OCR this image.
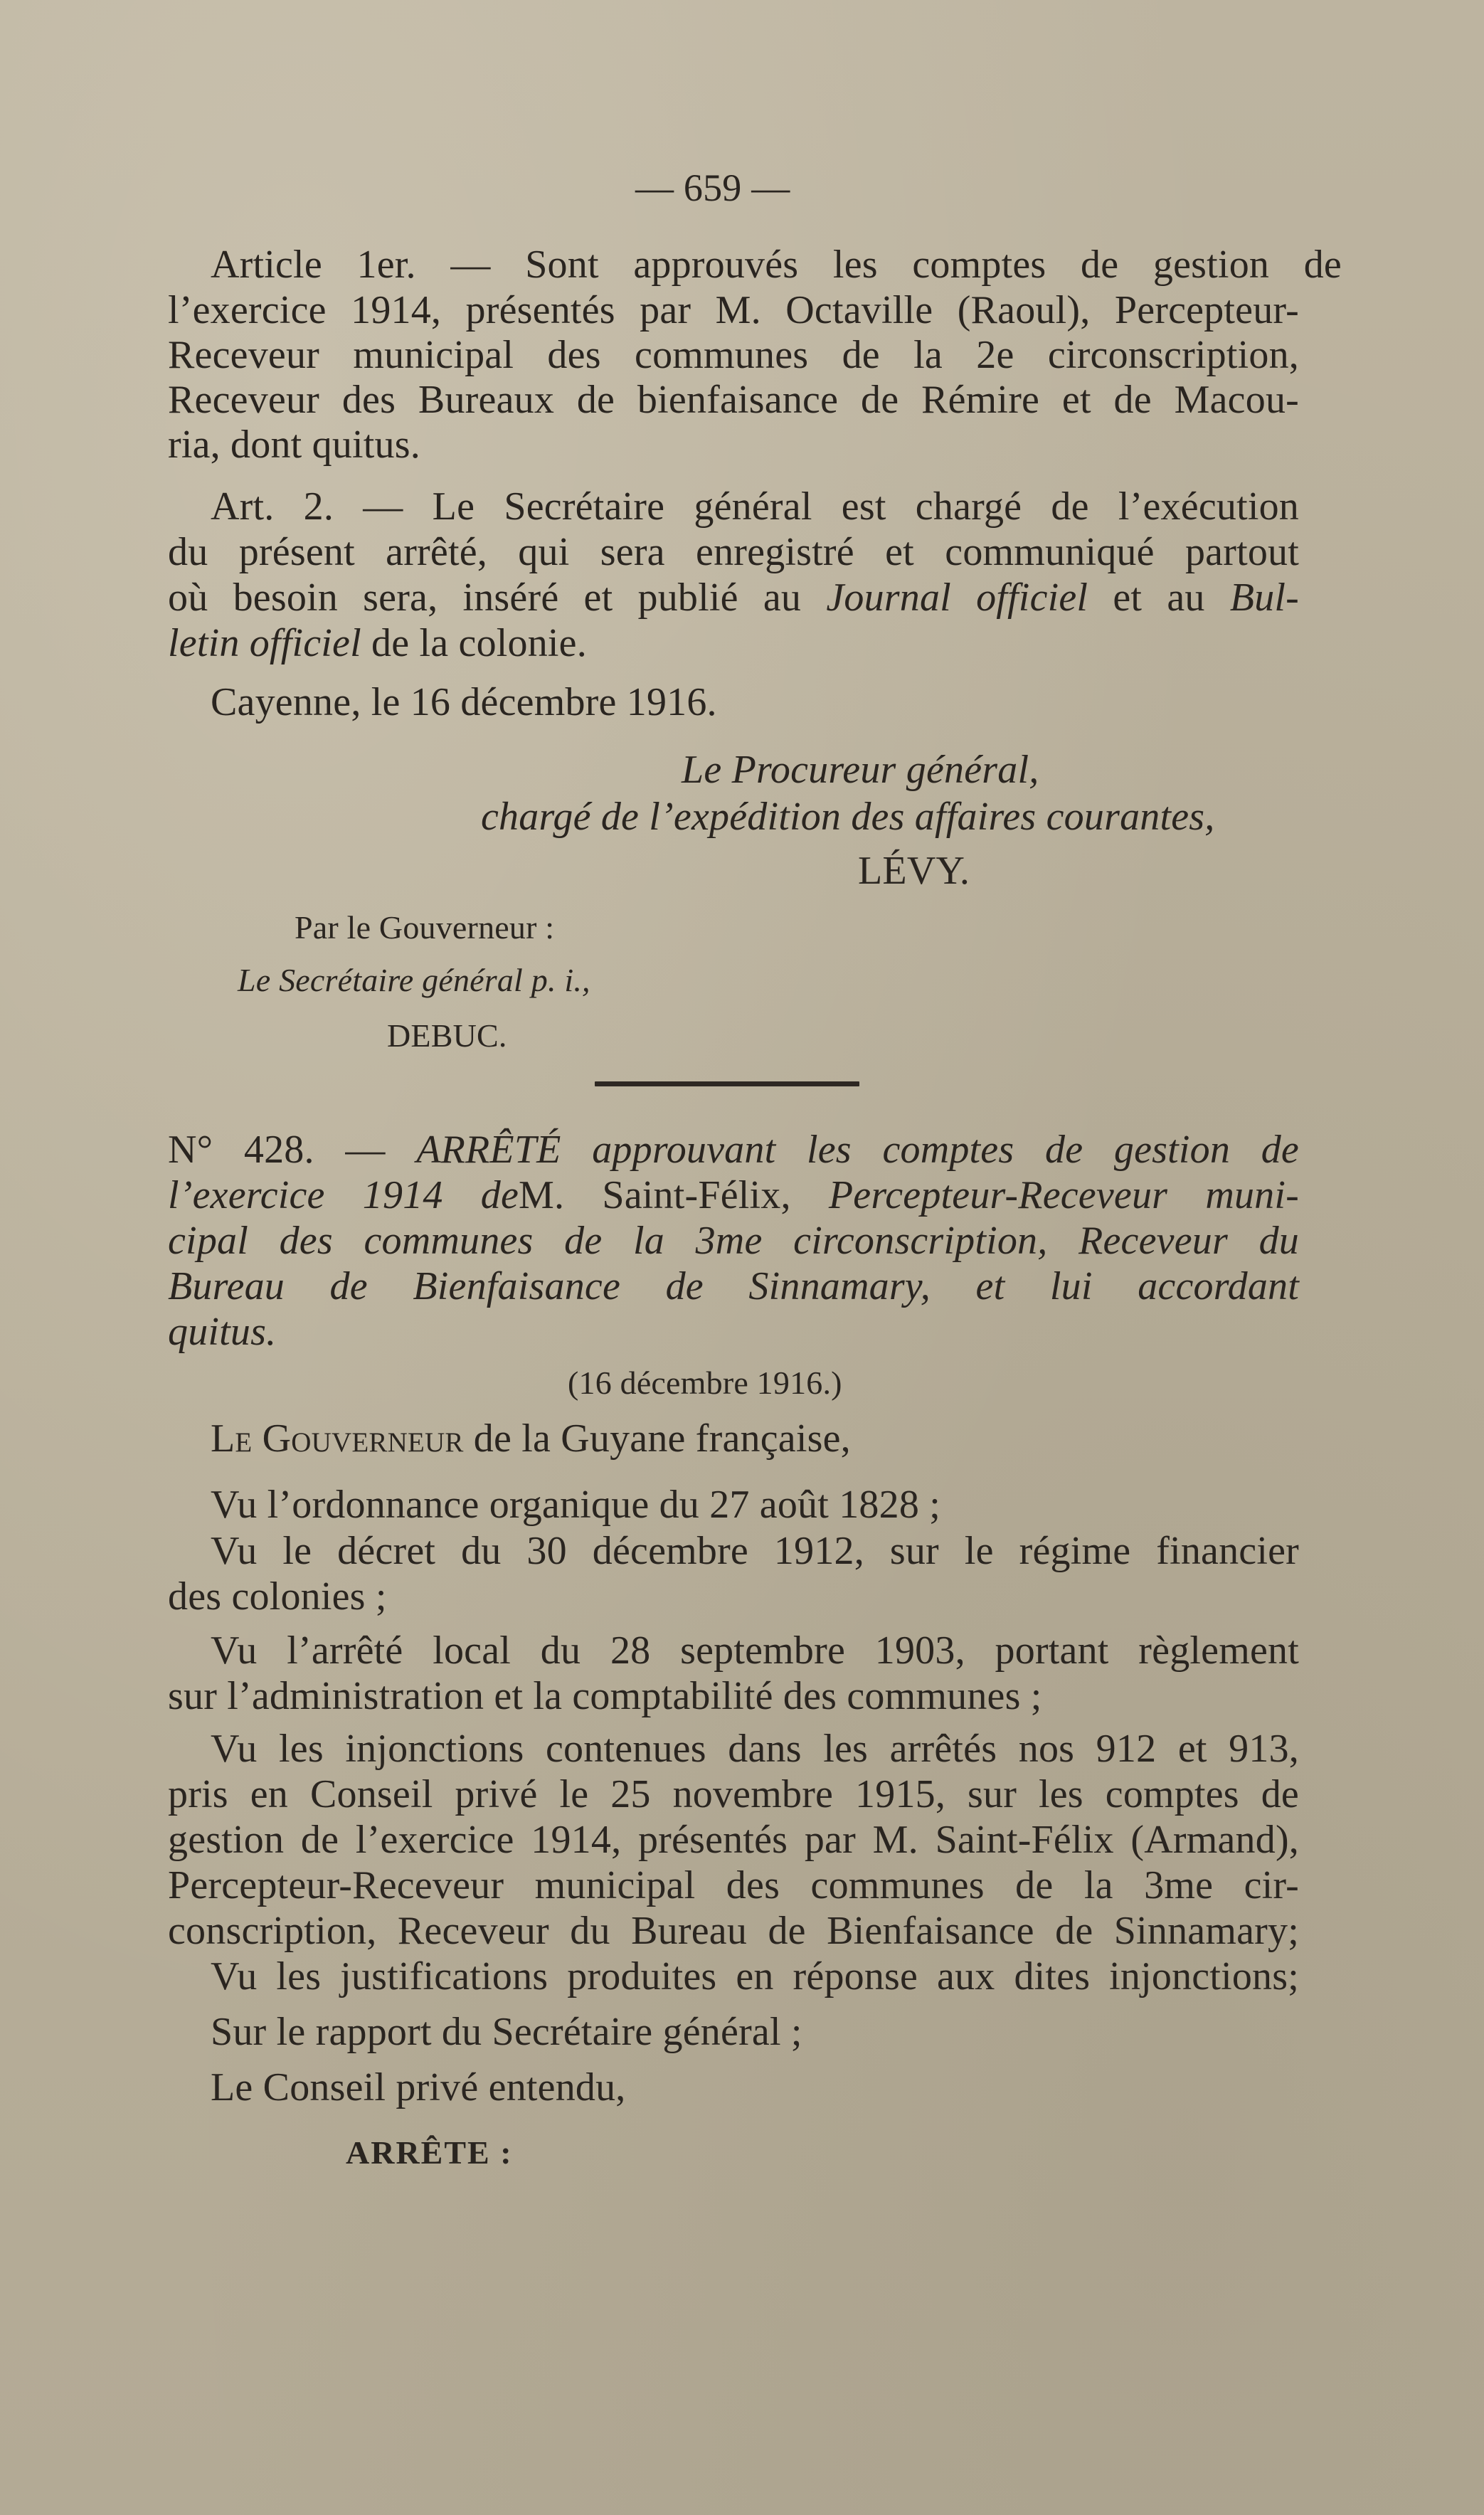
— 659 —
Article 1er. — Sont approuvés les comptes de gestion de
l’exercice 1914, présentés par M. Octaville (Raoul), Percepteur-
Receveur municipal des communes de la 2e circonscription,
Receveur des Bureaux de bienfaisance de Rémire et de Macou-
ria, dont quitus.
Art. 2. — Le Secrétaire général est chargé de l’exécution
du présent arrêté, qui sera enregistré et communiqué partout
où besoin sera, inséré et publié au Journal officiel et au Bul-
letin officiel de la colonie.
Cayenne, le 16 décembre 1916.
Le Procureur général,
chargé de l’expédition des affaires courantes,
LÉVY.
Par le Gouverneur :
Le Secrétaire général p. i.,
DEBUC.
N° 428. — ARRÊTÉ approuvant les comptes de gestion de
l’exercice 1914 deM. Saint-Félix, Percepteur-Receveur muni-
cipal des communes de la 3me circonscription, Receveur du
Bureau de Bienfaisance de Sinnamary, et lui accordant
quitus.
(16 décembre 1916.)
Le Gouverneur de la Guyane française,
Vu l’ordonnance organique du 27 août 1828 ;
Vu le décret du 30 décembre 1912, sur le régime financier
des colonies ;
Vu l’arrêté local du 28 septembre 1903, portant règlement
sur l’administration et la comptabilité des communes ;
Vu les injonctions contenues dans les arrêtés nos 912 et 913,
pris en Conseil privé le 25 novembre 1915, sur les comptes de
gestion de l’exercice 1914, présentés par M. Saint-Félix (Armand),
Percepteur-Receveur municipal des communes de la 3me cir-
conscription, Receveur du Bureau de Bienfaisance de Sinnamary;
Vu les justifications produites en réponse aux dites injonctions;
Sur le rapport du Secrétaire général ;
Le Conseil privé entendu,
ARRÊTE :
